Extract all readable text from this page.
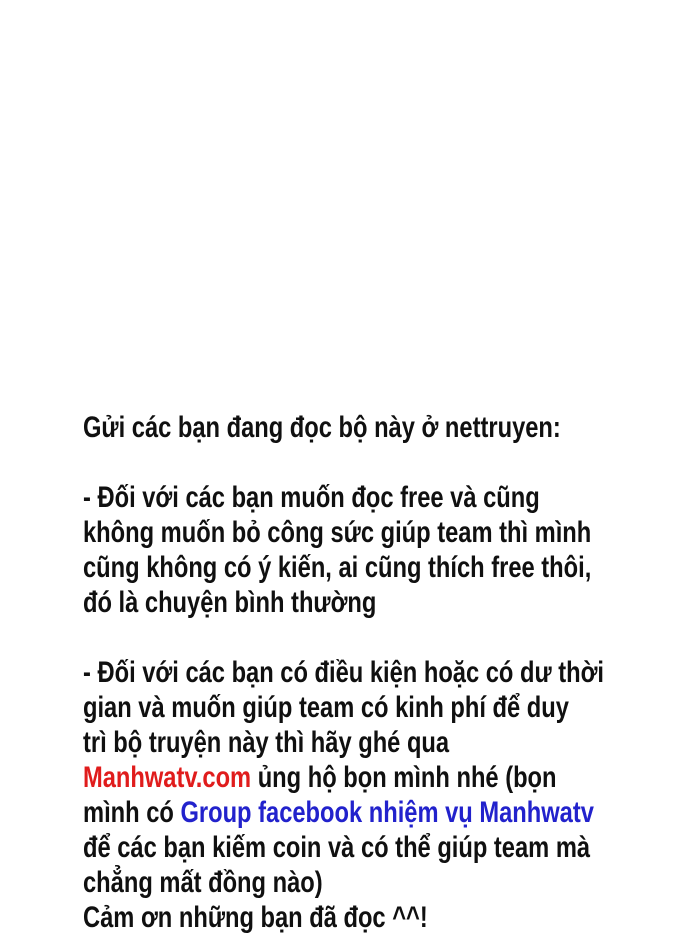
Gửi các bạn đang đọc bộ này ở nettruyen:
- Đối với các bạn muốn đọc free và cũng
không muốn bỏ công sức giúp team thì mình
cũng không có ý kiến, ai cũng thích free thôi,
đó là chuyện bình thường
- Đối với các bạn có điều kiện hoặc có dư thời
gian và muốn giúp team có kinh phí để duy
trì bộ truyện này thì hãy ghé qua
Manhwatv.com ủng hộ bọn mình nhé (bọn
mình có Group facebook nhiệm vụ Manhwatv
để các bạn kiếm coin và có thể giúp team mà
chẳng mất đồng nào)
Cảm ơn những bạn đã đọc ^^!
